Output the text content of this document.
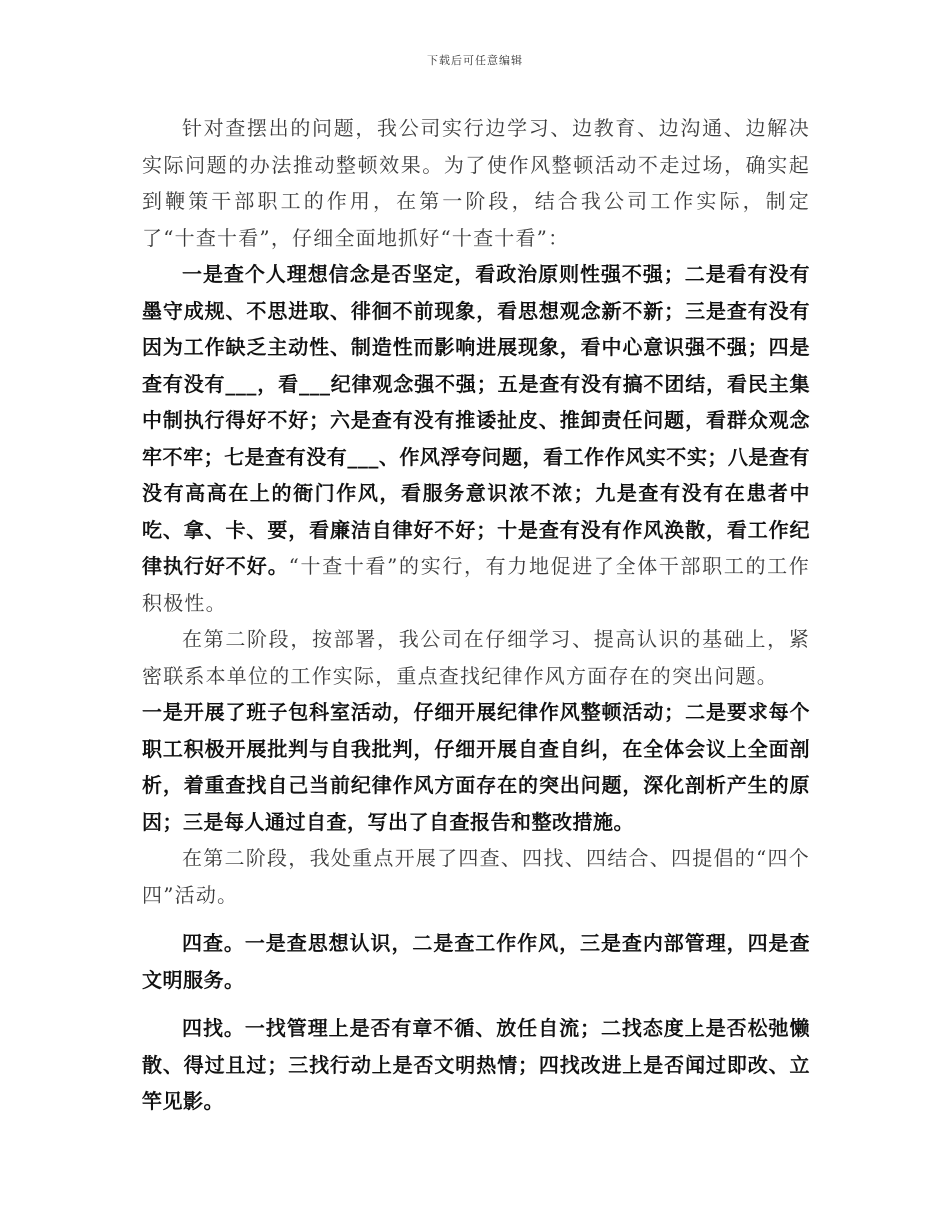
下载后可任意编辑

针对查摆出的问题，我公司实行边学习、边教育、边沟通、边解决实际问题的办法推动整顿效果。为了使作风整顿活动不走过场，确实起到鞭策干部职工的作用，在第一阶段，结合我公司工作实际，制定了“十查十看”，仔细全面地抓好“十查十看”：

一是查个人理想信念是否坚定，看政治原则性强不强；二是看有没有墨守成规、不思进取、徘徊不前现象，看思想观念新不新；三是查有没有因为工作缺乏主动性、制造性而影响进展现象，看中心意识强不强；四是查有没有___，看___纪律观念强不强；五是查有没有搞不团结，看民主集中制执行得好不好；六是查有没有推诿扯皮、推卸责任问题，看群众观念牢不牢；七是查有没有___、作风浮夸问题，看工作作风实不实；八是查有没有高高在上的衙门作风，看服务意识浓不浓；九是查有没有在患者中吃、拿、卡、要，看廉洁自律好不好；十是查有没有作风涣散，看工作纪律执行好不好。“十查十看”的实行，有力地促进了全体干部职工的工作积极性。

在第二阶段，按部署，我公司在仔细学习、提高认识的基础上，紧密联系本单位的工作实际，重点查找纪律作风方面存在的突出问题。

一是开展了班子包科室活动，仔细开展纪律作风整顿活动；二是要求每个职工积极开展批判与自我批判，仔细开展自查自纠，在全体会议上全面剖析，着重查找自己当前纪律作风方面存在的突出问题，深化剖析产生的原因；三是每人通过自查，写出了自查报告和整改措施。

在第二阶段，我处重点开展了四查、四找、四结合、四提倡的“四个四”活动。

四查。一是查思想认识，二是查工作作风，三是查内部管理，四是查文明服务。

四找。一找管理上是否有章不循、放任自流；二找态度上是否松弛懒散、得过且过；三找行动上是否文明热情；四找改进上是否闻过即改、立竿见影。
